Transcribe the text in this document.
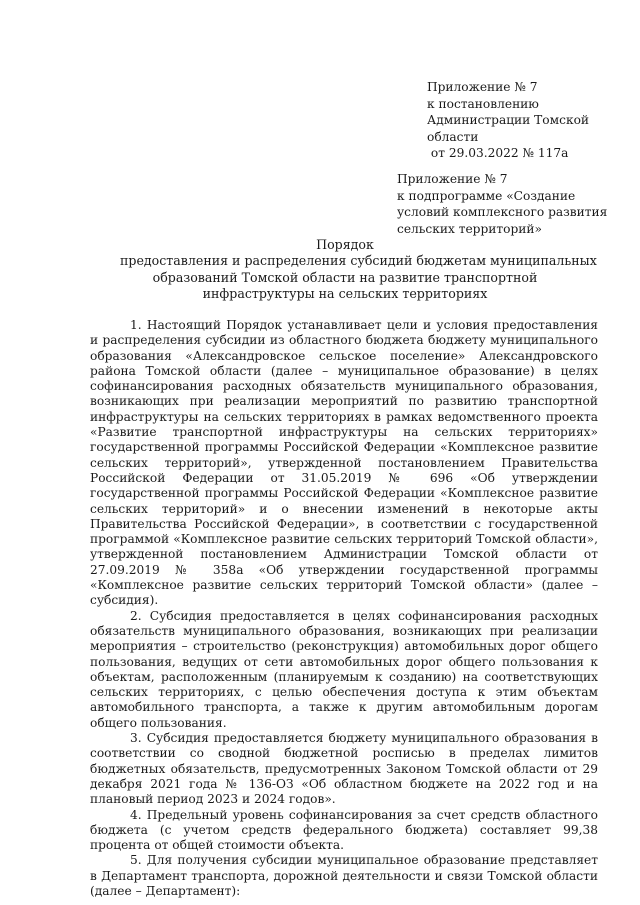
Приложение № 7
к постановлению
Администрации Томской
области
от 29.03.2022 № 117а
Приложение № 7
к подпрограмме «Создание
условий комплексного развития
сельских территорий»
Порядок
предоставления и распределения субсидий бюджетам муниципальных
образований Томской области на развитие транспортной
инфраструктуры на сельских территориях

1. Настоящий Порядок устанавливает цели и условия предоставления и распределения субсидии из областного бюджета бюджету муниципального образования «Александровское сельское поселение» Александровского района Томской области (далее – муниципальное образование) в целях софинансирования расходных обязательств муниципального образования, возникающих при реализации мероприятий по развитию транспортной инфраструктуры на сельских территориях в рамках ведомственного проекта «Развитие транспортной инфраструктуры на сельских территориях» государственной программы Российской Федерации «Комплексное развитие сельских территорий», утвержденной постановлением Правительства Российской Федерации от 31.05.2019 № 696 «Об утверждении государственной программы Российской Федерации «Комплексное развитие сельских территорий» и о внесении изменений в некоторые акты Правительства Российской Федерации», в соответствии с государственной программой «Комплексное развитие сельских территорий Томской области», утвержденной постановлением Администрации Томской области от 27.09.2019 № 358а «Об утверждении государственной программы «Комплексное развитие сельских территорий Томской области» (далее – субсидия).

2. Субсидия предоставляется в целях софинансирования расходных обязательств муниципального образования, возникающих при реализации мероприятия – строительство (реконструкция) автомобильных дорог общего пользования, ведущих от сети автомобильных дорог общего пользования к объектам, расположенным (планируемым к созданию) на соответствующих сельских территориях, с целью обеспечения доступа к этим объектам автомобильного транспорта, а также к другим автомобильным дорогам общего пользования.

3. Субсидия предоставляется бюджету муниципального образования в соответствии со сводной бюджетной росписью в пределах лимитов бюджетных обязательств, предусмотренных Законом Томской области от 29 декабря 2021 года № 136-ОЗ «Об областном бюджете на 2022 год и на плановый период 2023 и 2024 годов».

4. Предельный уровень софинансирования за счет средств областного бюджета (с учетом средств федерального бюджета) составляет 99,38 процента от общей стоимости объекта.

5. Для получения субсидии муниципальное образование представляет в Департамент транспорта, дорожной деятельности и связи Томской области (далее – Департамент):
